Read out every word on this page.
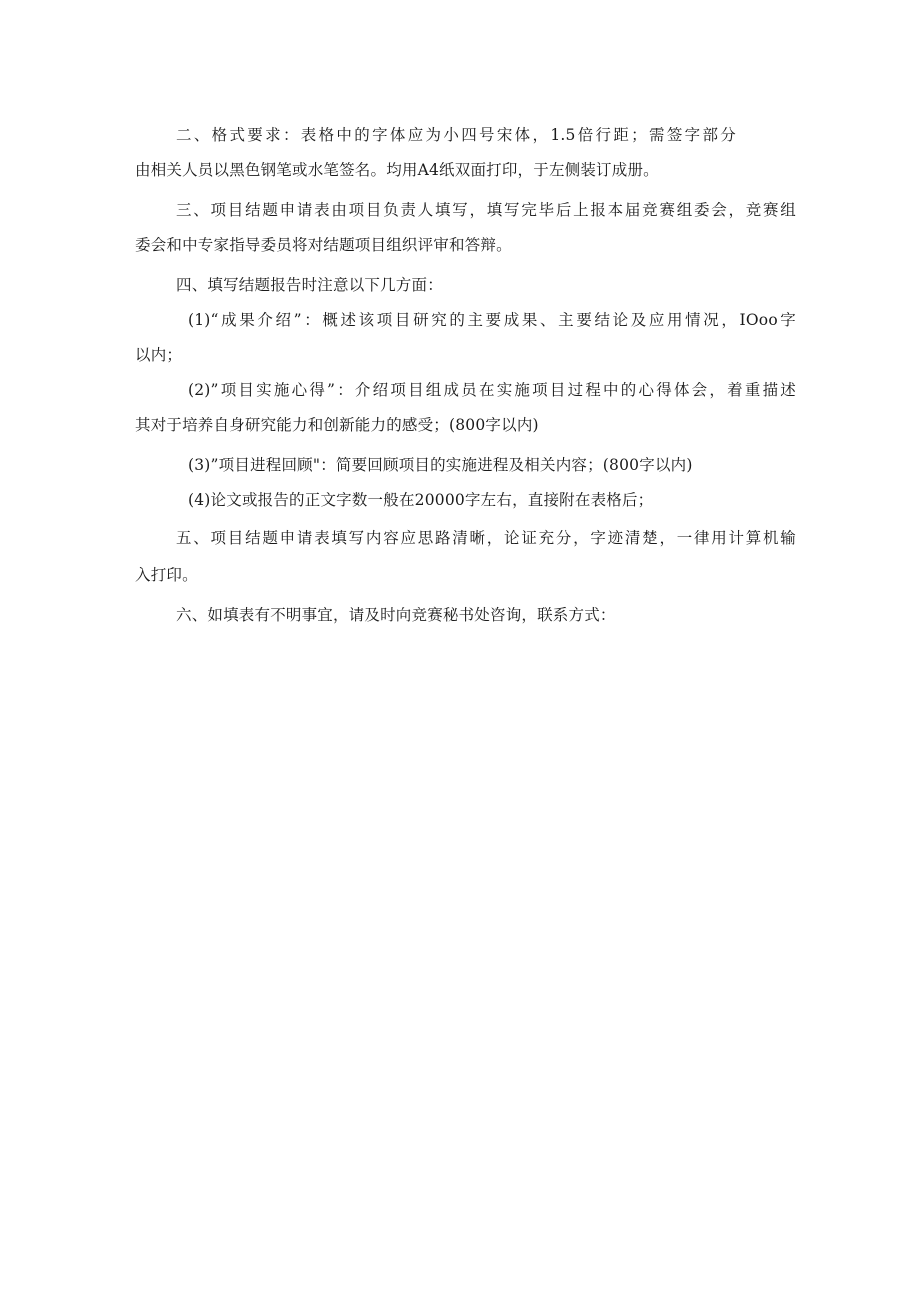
二、格式要求：表格中的字体应为小四号宋体，1.5倍行距；需签字部分
由相关人员以黑色钢笔或水笔签名。均用A4纸双面打印，于左侧装订成册。
三、项目结题申请表由项目负责人填写，填写完毕后上报本届竞赛组委会，竞赛组
委会和中专家指导委员将对结题项目组织评审和答辩。
四、填写结题报告时注意以下几方面：
(1)“成果介绍”：概述该项目研究的主要成果、主要结论及应用情况，IOoo字
以内；
(2)”项目实施心得”：介绍项目组成员在实施项目过程中的心得体会，着重描述
其对于培养自身研究能力和创新能力的感受；(800字以内)
(3)”项目进程回顾"：简要回顾项目的实施进程及相关内容；(800字以内)
(4)论文或报告的正文字数一般在20000字左右，直接附在表格后；
五、项目结题申请表填写内容应思路清晰，论证充分，字迹清楚，一律用计算机输
入打印。
六、如填表有不明事宜，请及时向竞赛秘书处咨询，联系方式：
